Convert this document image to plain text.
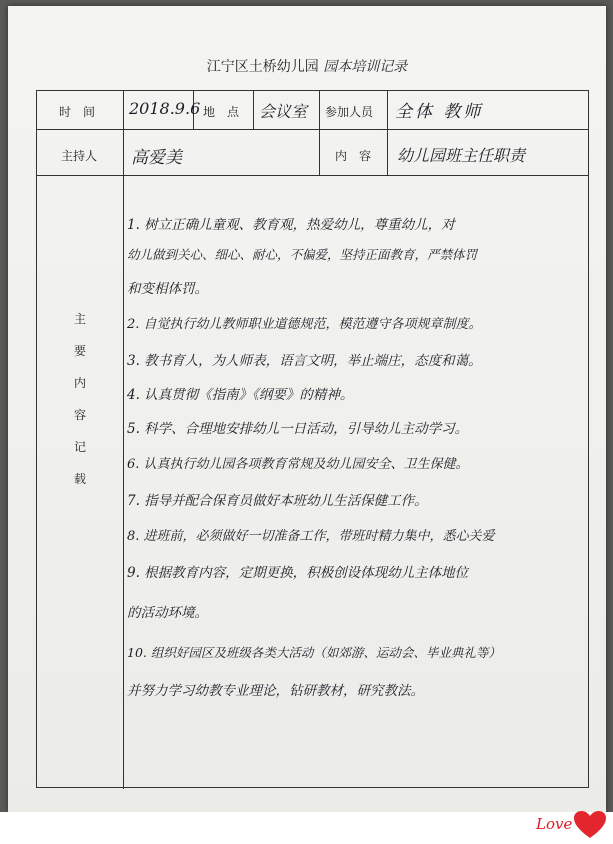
江宁区土桥幼儿园 园本培训记录
时　间 2018.9.6 地　点 会议室 参加人员 全体 教师
主持人 高爱美	内　容 幼儿园班主任职责
主
要
内
容
记
载
1. 树立正确儿童观、教育观，热爱幼儿，尊重幼儿，对
幼儿做到关心、细心、耐心，不偏爱，坚持正面教育，严禁体罚
和变相体罚。
2. 自觉执行幼儿教师职业道德规范，模范遵守各项规章制度。
3. 教书育人，为人师表，语言文明，举止端庄，态度和蔼。
4. 认真贯彻《指南》《纲要》的精神。
5. 科学、合理地安排幼儿一日活动，引导幼儿主动学习。
6. 认真执行幼儿园各项教育常规及幼儿园安全、卫生保健。
7. 指导并配合保育员做好本班幼儿生活保健工作。
8. 进班前，必须做好一切准备工作，带班时精力集中，悉心关爱
9. 根据教育内容，定期更换，积极创设体现幼儿主体地位
的活动环境。
10. 组织好园区及班级各类大活动（如郊游、运动会、毕业典礼等）
并努力学习幼教专业理论，钻研教材，研究教法。
Love
